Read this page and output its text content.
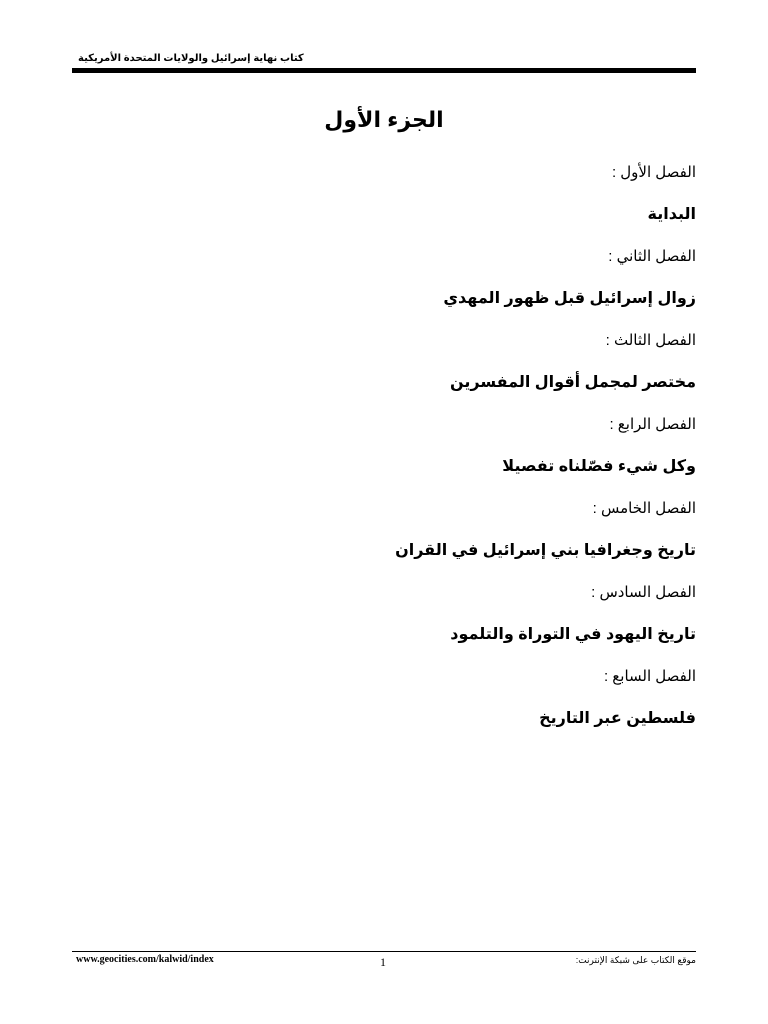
كتاب نهاية إسرائيل والولايات المتحدة الأمريكية
الجزء الأول
الفصل الأول :
البداية
الفصل الثاني :
زوال إسرائيل قبل ظهور المهدي
الفصل الثالث :
مختصر لمجمل أقوال المفسرين
الفصل الرابع :
وكل شيء فصّلناه تفصيلا
الفصل الخامس :
تاريخ وجغرافيا بني إسرائيل في القران
الفصل السادس :
تاريخ اليهود في التوراة والتلمود
الفصل السابع :
فلسطين عبر التاريخ
www.geocities.com/kalwid/index	1	موقع الكتاب على شبكة الإنترنت:
